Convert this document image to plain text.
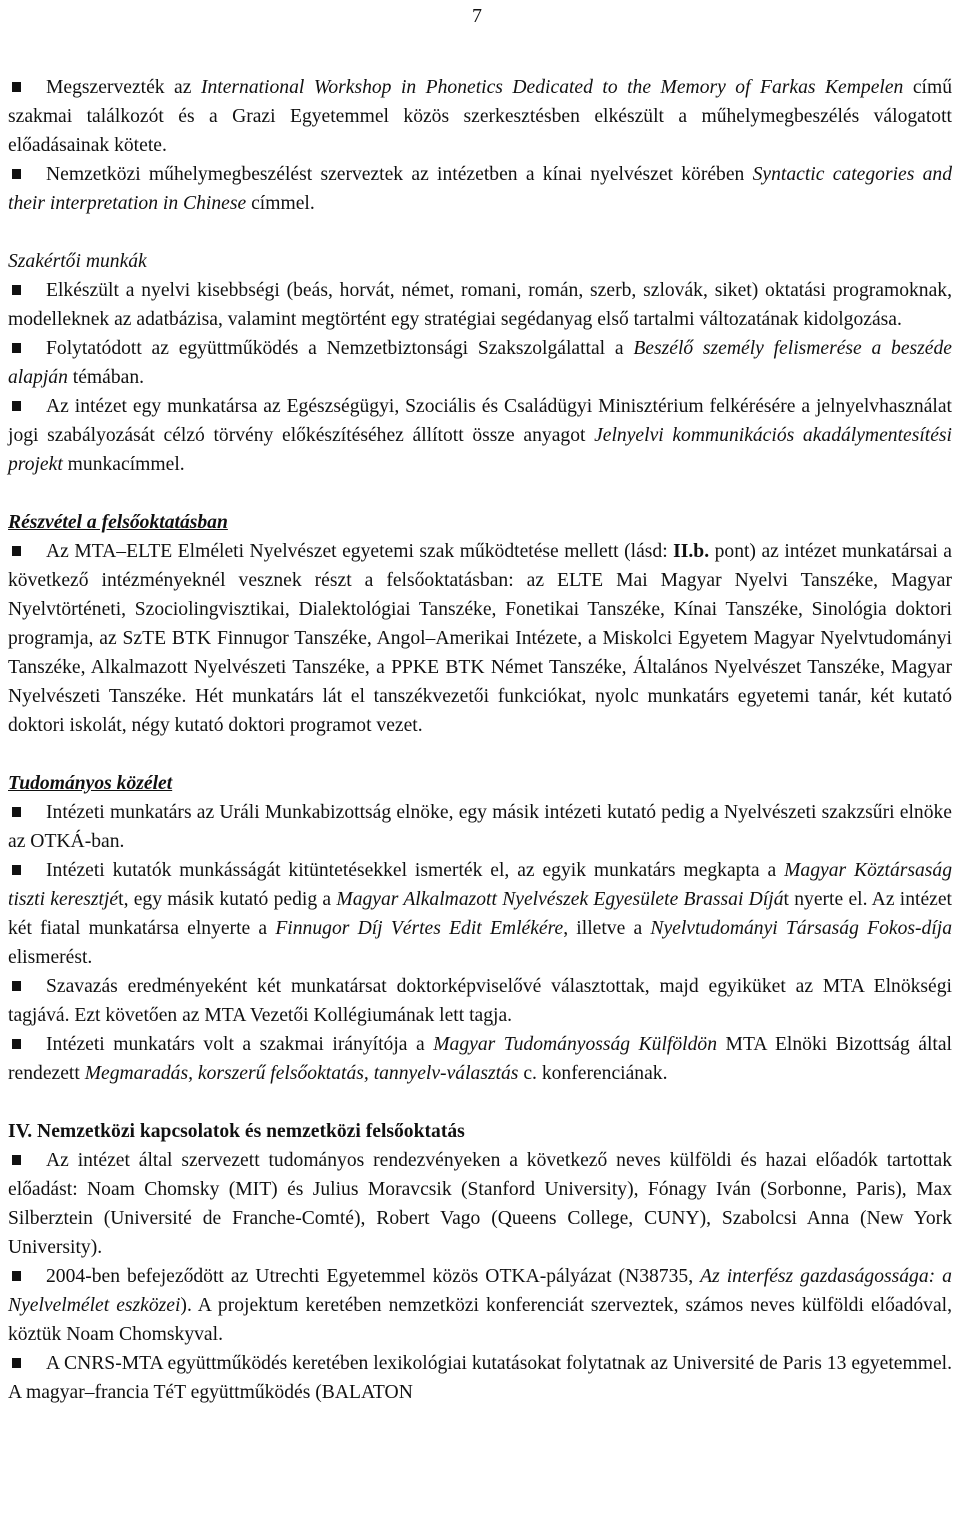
7

Megszervezték az International Workshop in Phonetics Dedicated to the Memory of Farkas Kempelen című szakmai találkozót és a Grazi Egyetemmel közös szerkesztésben elkészült a műhelymegbeszélés válogatott előadásainak kötete.

Nemzetközi műhelymegbeszélést szerveztek az intézetben a kínai nyelvészet körében Syntactic categories and their interpretation in Chinese címmel.

Szakértői munkák

Elkészült a nyelvi kisebbségi (beás, horvát, német, romani, román, szerb, szlovák, siket) oktatási programoknak, modelleknek az adatbázisa, valamint megtörtént egy stratégiai segédanyag első tartalmi változatának kidolgozása.

Folytatódott az együttműködés a Nemzetbiztonsági Szakszolgálattal a Beszélő személy felismerése a beszéde alapján témában.

Az intézet egy munkatársa az Egészségügyi, Szociális és Családügyi Minisztérium felkérésére a jelnyelvhasználat jogi szabályozását célzó törvény előkészítéséhez állított össze anyagot Jelnyelvi kommunikációs akadálymentesítési projekt munkacímmel.

Részvétel a felsőoktatásban

Az MTA–ELTE Elméleti Nyelvészet egyetemi szak működtetése mellett (lásd: II.b. pont) az intézet munkatársai a következő intézményeknél vesznek részt a felsőoktatásban: az ELTE Mai Magyar Nyelvi Tanszéke, Magyar Nyelvtörténeti, Szociolingvisztikai, Dialektológiai Tanszéke, Fonetikai Tanszéke, Kínai Tanszéke, Sinológia doktori programja, az SzTE BTK Finnugor Tanszéke, Angol–Amerikai Intézete, a Miskolci Egyetem Magyar Nyelvtudományi Tanszéke, Alkalmazott Nyelvészeti Tanszéke, a PPKE BTK Német Tanszéke, Általános Nyelvészet Tanszéke, Magyar Nyelvészeti Tanszéke. Hét munkatárs lát el tanszékvezetői funkciókat, nyolc munkatárs egyetemi tanár, két kutató doktori iskolát, négy kutató doktori programot vezet.

Tudományos közélet

Intézeti munkatárs az Uráli Munkabizottság elnöke, egy másik intézeti kutató pedig a Nyelvészeti szakzsűri elnöke az OTKÁ-ban.

Intézeti kutatók munkásságát kitüntetésekkel ismerték el, az egyik munkatárs megkapta a Magyar Köztársaság tiszti keresztjét, egy másik kutató pedig a Magyar Alkalmazott Nyelvészek Egyesülete Brassai Díját nyerte el. Az intézet két fiatal munkatársa elnyerte a Finnugor Díj Vértes Edit Emlékére, illetve a Nyelvtudományi Társaság Fokos-díja elismerést.

Szavazás eredményeként két munkatársat doktorképviselővé választottak, majd egyiküket az MTA Elnökségi tagjává. Ezt követően az MTA Vezetői Kollégiumának lett tagja.

Intézeti munkatárs volt a szakmai irányítója a Magyar Tudományosság Külföldön MTA Elnöki Bizottság által rendezett Megmaradás, korszerű felsőoktatás, tannyelv-választás c. konferenciának.

IV. Nemzetközi kapcsolatok és nemzetközi felsőoktatás

Az intézet által szervezett tudományos rendezvényeken a következő neves külföldi és hazai előadók tartottak előadást: Noam Chomsky (MIT) és Julius Moravcsik (Stanford University), Fónagy Iván (Sorbonne, Paris), Max Silberztein (Université de Franche-Comté), Robert Vago (Queens College, CUNY), Szabolcsi Anna (New York University).

2004-ben befejeződött az Utrechti Egyetemmel közös OTKA-pályázat (N38735, Az interfész gazdaságossága: a Nyelvelmélet eszközei). A projektum keretében nemzetközi konferenciát szerveztek, számos neves külföldi előadóval, köztük Noam Chomskyval.

A CNRS-MTA együttműködés keretében lexikológiai kutatásokat folytatnak az Université de Paris 13 egyetemmel. A magyar–francia TéT együttműködés (BALATON
